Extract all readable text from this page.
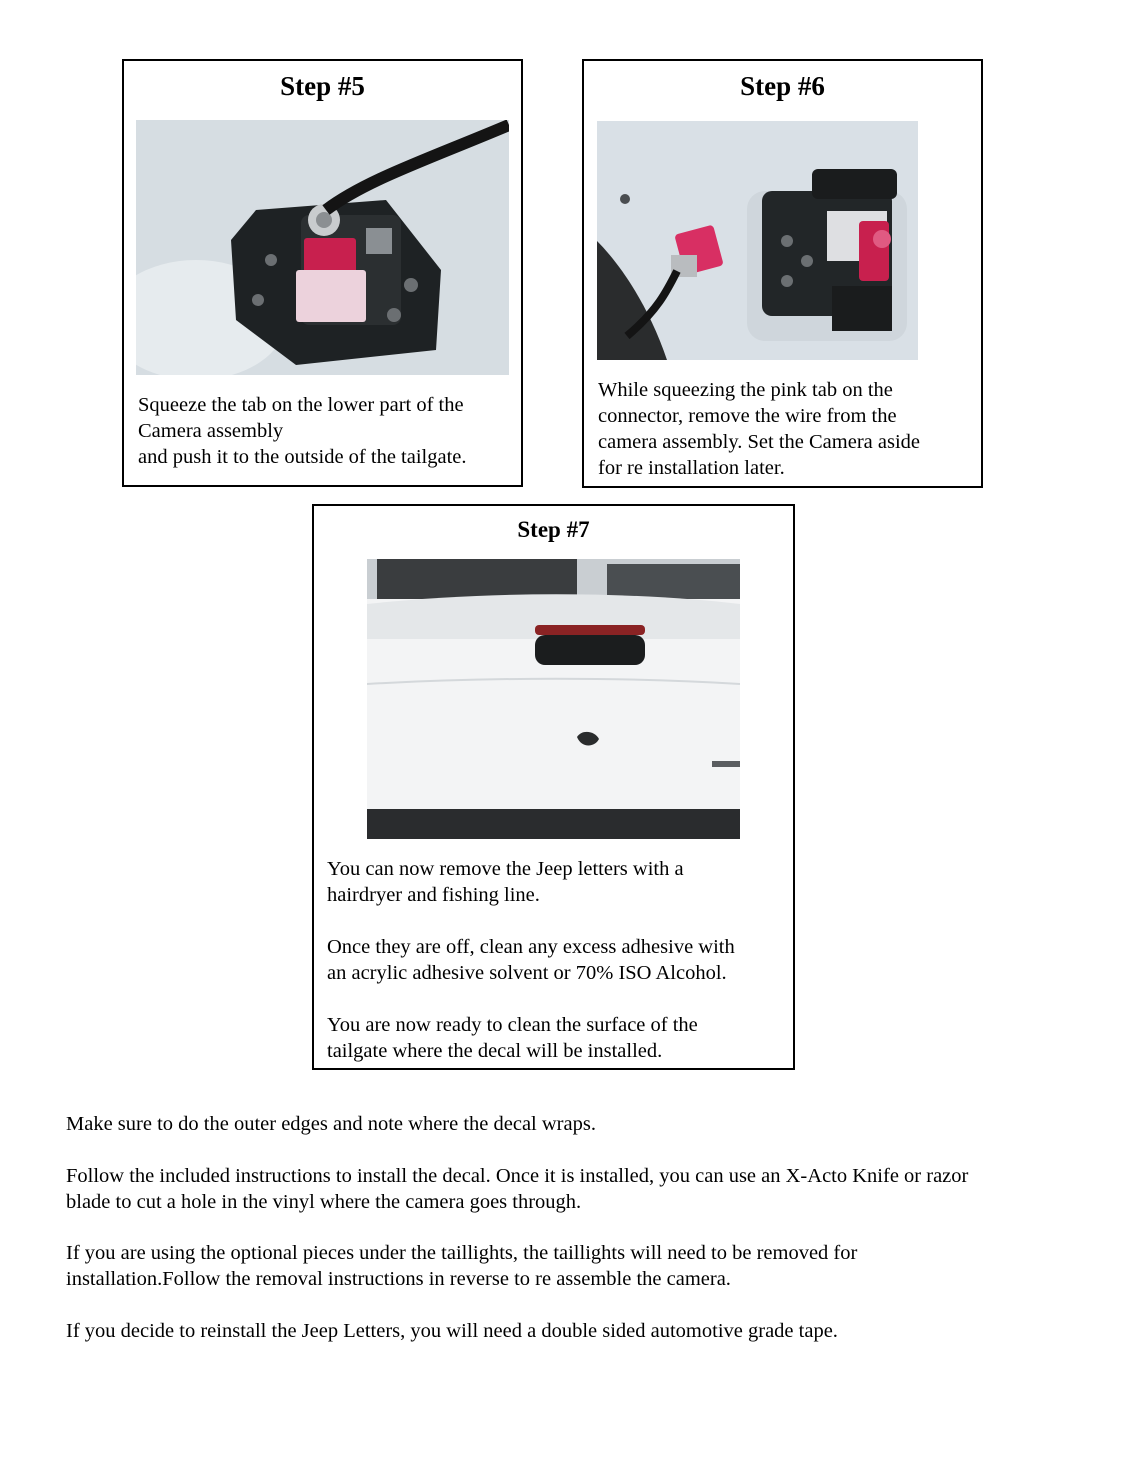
Step #5

Squeeze the tab on the lower part of the

Camera assembly

and push it to the outside of the tailgate.

Step #6

While squeezing the pink tab on the

connector, remove the wire from the

camera assembly. Set the Camera aside

for re installation later.

Step #7

You can now remove the Jeep letters with a

hairdryer and fishing line.

Once they are off, clean any excess adhesive with

an acrylic adhesive solvent or 70% ISO Alcohol.

You are now ready to clean the surface of the

tailgate where the decal will be installed.

Make sure to do the outer edges and note where the decal wraps.

Follow the included instructions to install the decal. Once it is installed, you can use an X-Acto Knife or razor

blade to cut a hole in the vinyl where the camera goes through.

If you are using the optional pieces under the taillights, the taillights will need to be removed for

installation.Follow the removal instructions in reverse to re assemble the camera.

If you decide to reinstall the Jeep Letters, you will need a double sided automotive grade tape.
